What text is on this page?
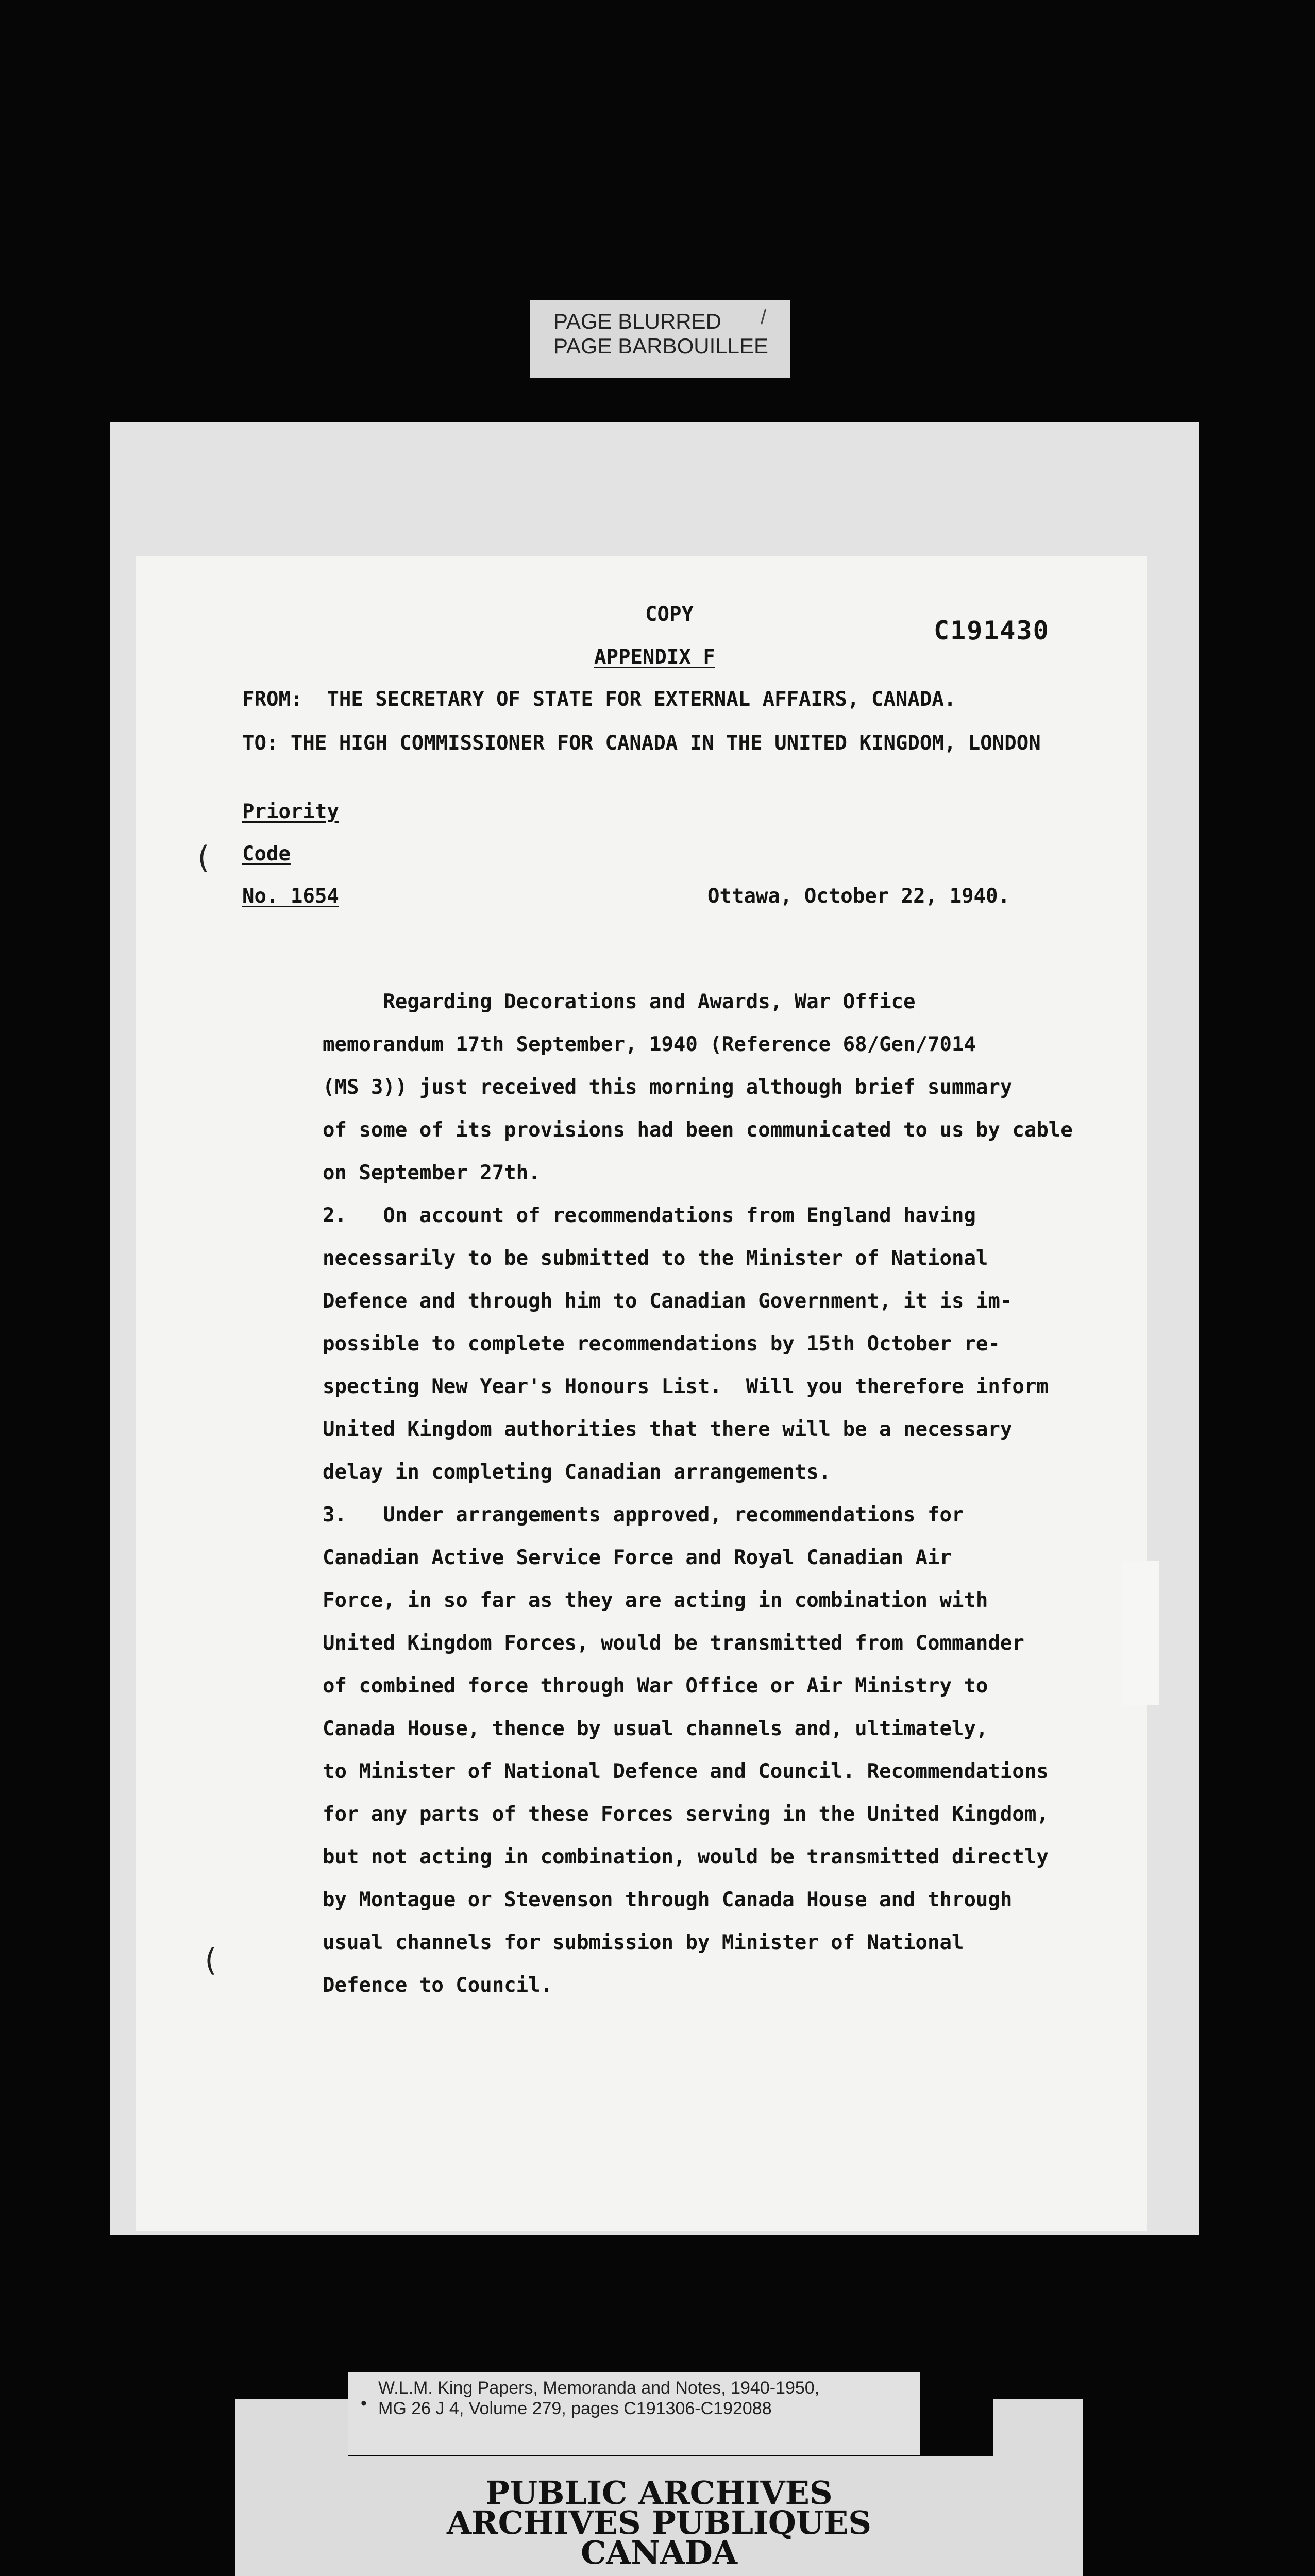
PAGE BLURRED
PAGE BARBOUILLEE
/

COPY

C191430

APPENDIX F

FROM:  THE SECRETARY OF STATE FOR EXTERNAL AFFAIRS, CANADA.

TO: THE HIGH COMMISSIONER FOR CANADA IN THE UNITED KINGDOM, LONDON

Priority

Code

No. 1654

	Ottawa, October 22, 1940.

(

(

Regarding Decorations and Awards, War Office

memorandum 17th September, 1940 (Reference 68/Gen/7014

(MS 3)) just received this morning although brief summary

of some of its provisions had been communicated to us by cable

on September 27th.

2.   On account of recommendations from England having

necessarily to be submitted to the Minister of National

Defence and through him to Canadian Government, it is im-

possible to complete recommendations by 15th October re-

specting New Year's Honours List.  Will you therefore inform

United Kingdom authorities that there will be a necessary

delay in completing Canadian arrangements.

3.   Under arrangements approved, recommendations for

Canadian Active Service Force and Royal Canadian Air

Force, in so far as they are acting in combination with

United Kingdom Forces, would be transmitted from Commander

of combined force through War Office or Air Ministry to

Canada House, thence by usual channels and, ultimately,

to Minister of National Defence and Council. Recommendations

for any parts of these Forces serving in the United Kingdom,

but not acting in combination, would be transmitted directly

by Montague or Stevenson through Canada House and through

usual channels for submission by Minister of National

Defence to Council.

•
W.L.M. King Papers, Memoranda and Notes, 1940-1950,
MG 26 J 4, Volume 279, pages C191306-C192088
PUBLIC ARCHIVES
ARCHIVES PUBLIQUES
CANADA
